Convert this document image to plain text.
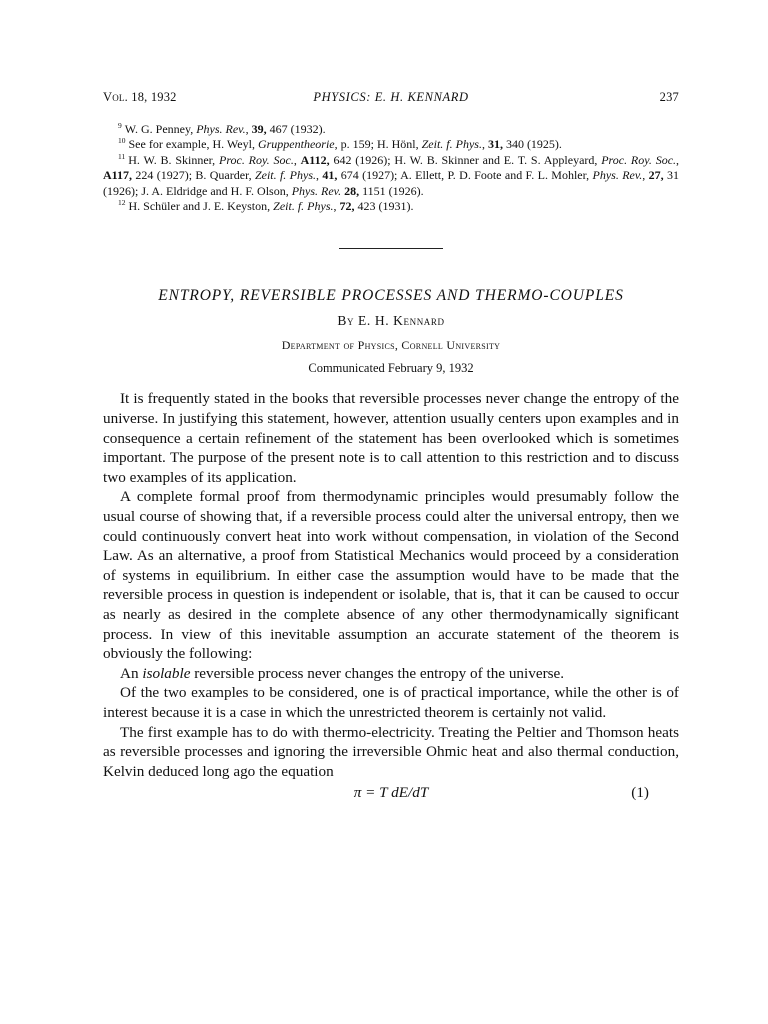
Vol. 18, 1932	PHYSICS: E. H. KENNARD	237

$^9$ W. G. Penney, Phys. Rev., 39, 467 (1932).

$^{10}$ See for example, H. Weyl, Gruppentheorie, p. 159; H. Hönl, Zeit. f. Phys., 31, 340 (1925).

$^{11}$ H. W. B. Skinner, Proc. Roy. Soc., A112, 642 (1926); H. W. B. Skinner and E. T. S. Appleyard, Proc. Roy. Soc., A117, 224 (1927); B. Quarder, Zeit. f. Phys., 41, 674 (1927); A. Ellett, P. D. Foote and F. L. Mohler, Phys. Rev., 27, 31 (1926); J. A. Eldridge and H. F. Olson, Phys. Rev. 28, 1151 (1926).

$^{12}$ H. Schüler and J. E. Keyston, Zeit. f. Phys., 72, 423 (1931).

ENTROPY, REVERSIBLE PROCESSES AND THERMO-COUPLES
By E. H. Kennard
Department of Physics, Cornell University
Communicated February 9, 1932

It is frequently stated in the books that reversible processes never change the entropy of the universe. In justifying this statement, however, attention usually centers upon examples and in consequence a certain refinement of the statement has been overlooked which is sometimes important. The purpose of the present note is to call attention to this restriction and to discuss two examples of its application.

A complete formal proof from thermodynamic principles would presumably follow the usual course of showing that, if a reversible process could alter the universal entropy, then we could continuously convert heat into work without compensation, in violation of the Second Law. As an alternative, a proof from Statistical Mechanics would proceed by a consideration of systems in equilibrium. In either case the assumption would have to be made that the reversible process in question is independent or isolable, that is, that it can be caused to occur as nearly as desired in the complete absence of any other thermodynamically significant process. In view of this inevitable assumption an accurate statement of the theorem is obviously the following:

An isolable reversible process never changes the entropy of the universe.

Of the two examples to be considered, one is of practical importance, while the other is of interest because it is a case in which the unrestricted theorem is certainly not valid.

The first example has to do with thermo-electricity. Treating the Peltier and Thomson heats as reversible processes and ignoring the irreversible Ohmic heat and also thermal conduction, Kelvin deduced long ago the equation

π = T dE/dT	(1)
